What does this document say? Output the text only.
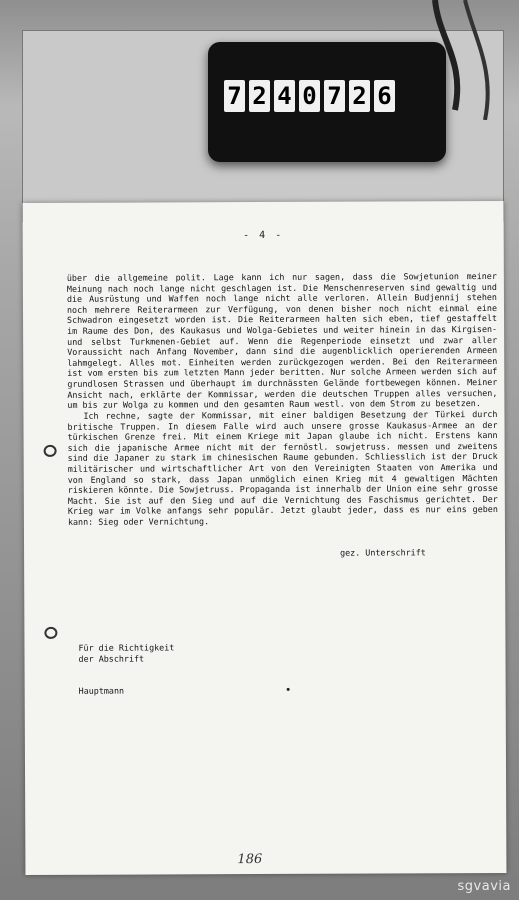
7 2 4 0 7 2 6
- 4 -
über die allgemeine polit. Lage kann ich nur sagen, dass die Sowjetunion meiner Meinung nach noch lange nicht geschlagen ist. Die Menschenreserven sind gewaltig und die Ausrüstung und Waffen noch lange nicht alle verloren. Allein Budjennij stehen noch mehrere Reiterarmeen zur Verfügung, von denen bisher noch nicht einmal eine Schwadron eingesetzt worden ist. Die Reiterarmeen halten sich eben, tief gestaffelt im Raume des Don, des Kaukasus und Wolga-Gebietes und weiter hinein in das Kirgisen- und selbst Turkmenen-Gebiet auf. Wenn die Regenperiode einsetzt und zwar aller Voraussicht nach Anfang November, dann sind die augenblicklich operierenden Armeen lahmgelegt. Alles mot. Einheiten werden zurückgezogen werden. Bei den Reiterarmeen ist vom ersten bis zum letzten Mann jeder beritten. Nur solche Armeen werden sich auf grundlosen Strassen und überhaupt im durchnässten Gelände fortbewegen können. Meiner Ansicht nach, erklärte der Kommissar, werden die deutschen Truppen alles versuchen, um bis zur Wolga zu kommen und den gesamten Raum westl. von dem Strom zu besetzen.
Ich rechne, sagte der Kommissar, mit einer baldigen Besetzung der Türkei durch britische Truppen. In diesem Falle wird auch unsere grosse Kaukasus-Armee an der türkischen Grenze frei. Mit einem Kriege mit Japan glaube ich nicht. Erstens kann sich die japanische Armee nicht mit der fernöstl. sowjetruss. messen und zweitens sind die Japaner zu stark im chinesischen Raume gebunden. Schliesslich ist der Druck militärischer und wirtschaftlicher Art von den Vereinigten Staaten von Amerika und von England so stark, dass Japan unmöglich einen Krieg mit 4 gewaltigen Mächten riskieren könnte. Die Sowjetruss. Propaganda ist innerhalb der Union eine sehr grosse Macht. Sie ist auf den Sieg und auf die Vernichtung des Faschismus gerichtet. Der Krieg war im Volke anfangs sehr populär. Jetzt glaubt jeder, dass es nur eins geben kann: Sieg oder Vernichtung.
gez. Unterschrift
Für die Richtigkeit
der Abschrift
Hauptmann
186
sgvavia
